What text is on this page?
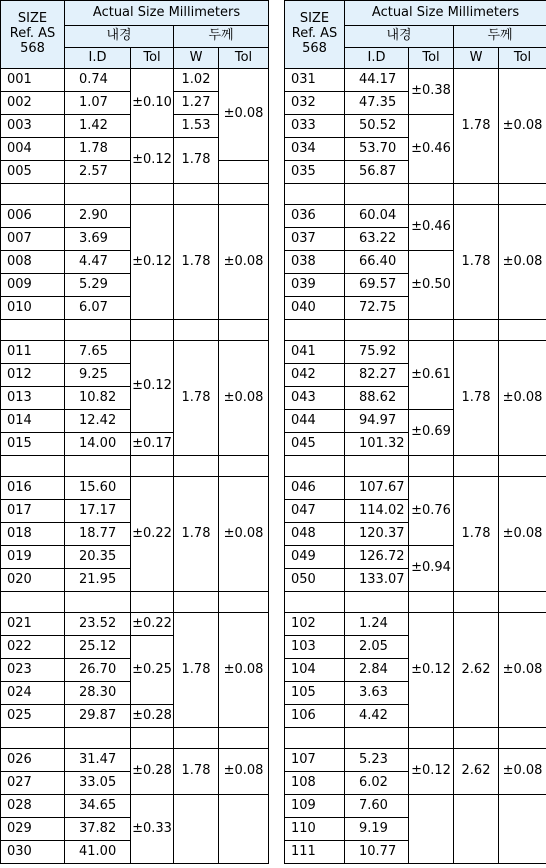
SIZE
Ref. AS
568	Actual Size Millimeters			
	내경		두께	
	I.D	Tol	W	Tol
001	0.74	±0.10	1.02	±0.08
002	1.07		1.27	
003	1.42		1.53	
004	1.78	±0.12	1.78	
005	2.57			

006	2.90	±0.12	1.78	±0.08
007	3.69			
008	4.47			
009	5.29			
010	6.07			

011	7.65	±0.12	1.78	±0.08
012	9.25			
013	10.82			
014	12.42			
015	14.00	±0.17		

016	15.60	±0.22	1.78	±0.08
017	17.17			
018	18.77			
019	20.35			
020	21.95			

021	23.52	±0.22	1.78	±0.08
022	25.12	±0.25		
023	26.70			
024	28.30			
025	29.87	±0.28		

026	31.47	±0.28	1.78	±0.08
027	33.05			
028	34.65	±0.33		
029	37.82			
030	41.00			
SIZE
Ref. AS
568	Actual Size Millimeters			
	내경		두께	
	I.D	Tol	W	Tol
031	44.17	±0.38	1.78	±0.08
032	47.35			
033	50.52	±0.46		
034	53.70			
035	56.87			

036	60.04	±0.46	1.78	±0.08
037	63.22			
038	66.40	±0.50		
039	69.57			
040	72.75			

041	75.92	±0.61	1.78	±0.08
042	82.27			
043	88.62			
044	94.97	±0.69		
045	101.32			

046	107.67	±0.76	1.78	±0.08
047	114.02			
048	120.37			
049	126.72	±0.94		
050	133.07			

102	1.24	±0.12	2.62	±0.08
103	2.05			
104	2.84			
105	3.63			
106	4.42			

107	5.23	±0.12	2.62	±0.08
108	6.02			
109	7.60			
110	9.19			
111	10.77			
